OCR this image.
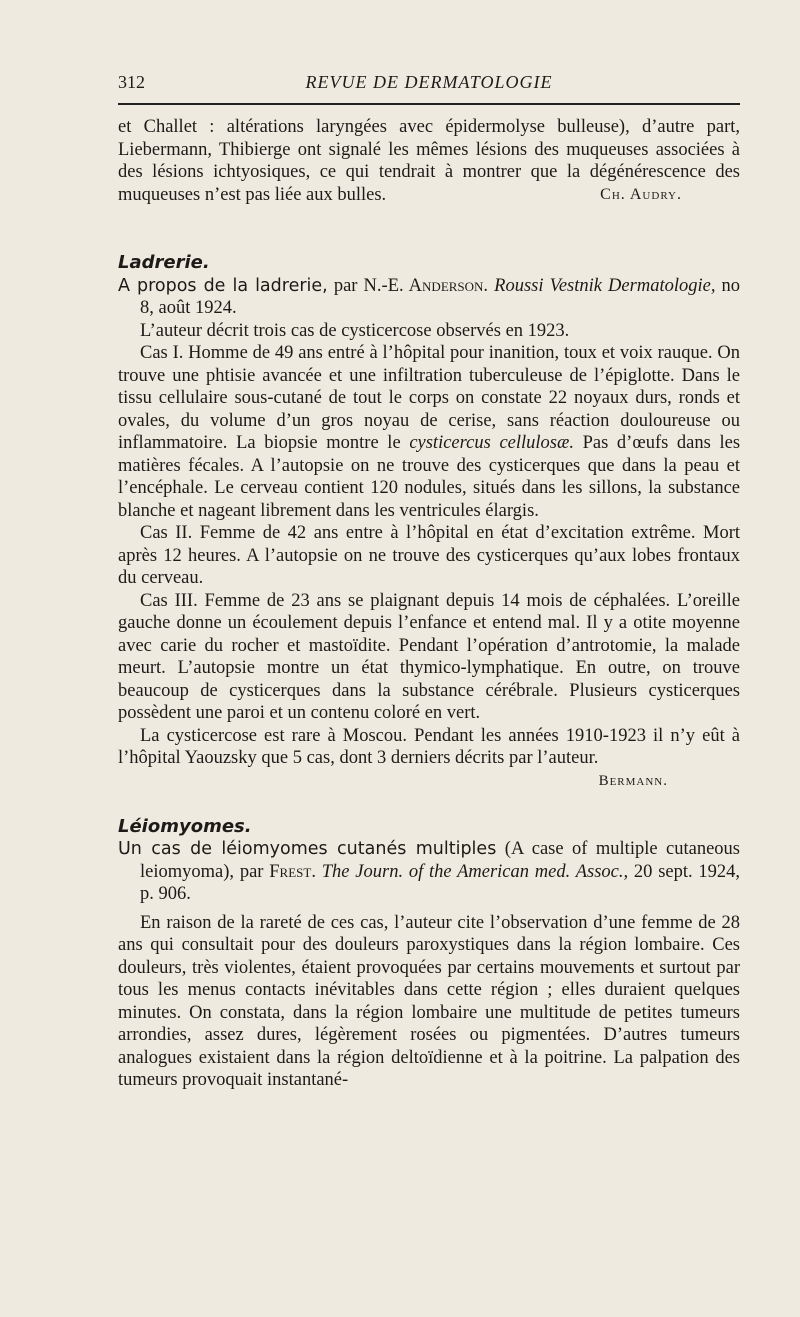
312	REVUE DE DERMATOLOGIE

et Challet : altérations laryngées avec épidermolyse bulleuse), d’autre part, Liebermann, Thibierge ont signalé les mêmes lésions des muqueuses associées à des lésions ichtyosiques, ce qui tendrait à montrer que la dégénérescence des muqueuses n’est pas liée aux bulles.	Ch. Audry.

Ladrerie.

A propos de la ladrerie, par N.-E. Anderson. Roussi Vestnik Dermatologie, no 8, août 1924.

L’auteur décrit trois cas de cysticercose observés en 1923.

Cas I. Homme de 49 ans entré à l’hôpital pour inanition, toux et voix rauque. On trouve une phtisie avancée et une infiltration tuberculeuse de l’épiglotte. Dans le tissu cellulaire sous-cutané de tout le corps on constate 22 noyaux durs, ronds et ovales, du volume d’un gros noyau de cerise, sans réaction douloureuse ou inflammatoire. La biopsie montre le cysticercus cellulosæ. Pas d’œufs dans les matières fécales. A l’autopsie on ne trouve des cysticerques que dans la peau et l’encéphale. Le cerveau contient 120 nodules, situés dans les sillons, la substance blanche et nageant librement dans les ventricules élargis.

Cas II. Femme de 42 ans entre à l’hôpital en état d’excitation extrême. Mort après 12 heures. A l’autopsie on ne trouve des cysticerques qu’aux lobes frontaux du cerveau.

Cas III. Femme de 23 ans se plaignant depuis 14 mois de céphalées. L’oreille gauche donne un écoulement depuis l’enfance et entend mal. Il y a otite moyenne avec carie du rocher et mastoïdite. Pendant l’opération d’antrotomie, la malade meurt. L’autopsie montre un état thymico-lymphatique. En outre, on trouve beaucoup de cysticerques dans la substance cérébrale. Plusieurs cysticerques possèdent une paroi et un contenu coloré en vert.

La cysticercose est rare à Moscou. Pendant les années 1910-1923 il n’y eût à l’hôpital Yaouzsky que 5 cas, dont 3 derniers décrits par l’auteur.
Bermann.

Léiomyomes.

Un cas de léiomyomes cutanés multiples (A case of multiple cutaneous leiomyoma), par Frest. The Journ. of the American med. Assoc., 20 sept. 1924, p. 906.

En raison de la rareté de ces cas, l’auteur cite l’observation d’une femme de 28 ans qui consultait pour des douleurs paroxystiques dans la région lombaire. Ces douleurs, très violentes, étaient provoquées par certains mouvements et surtout par tous les menus contacts inévitables dans cette région ; elles duraient quelques minutes. On constata, dans la région lombaire une multitude de petites tumeurs arrondies, assez dures, légèrement rosées ou pigmentées. D’autres tumeurs analogues existaient dans la région deltoïdienne et à la poitrine. La palpation des tumeurs provoquait instantané-
